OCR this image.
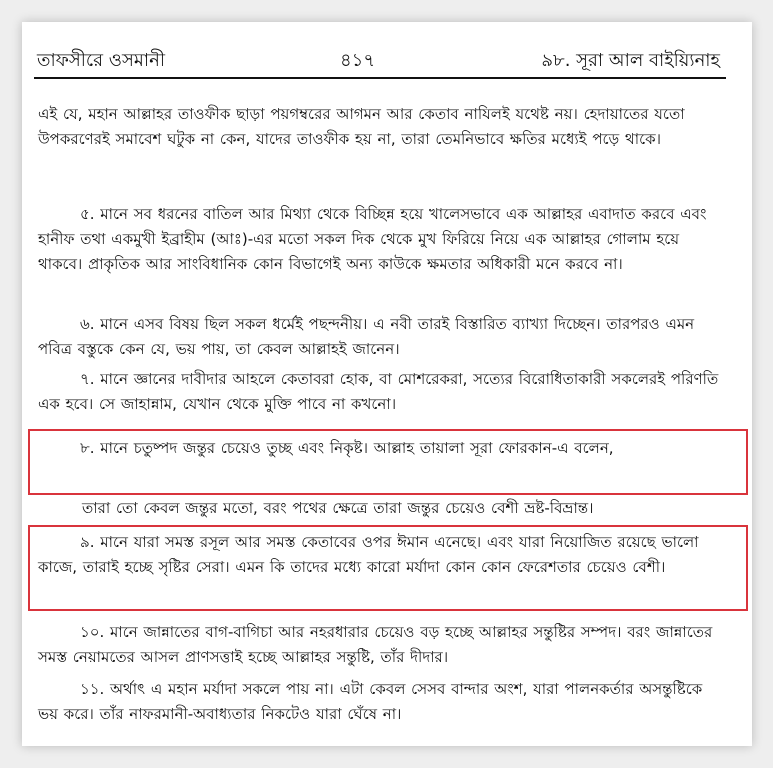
তাফসীরে ওসমানী	৪১৭	৯৮. সূরা আল বাইয়্যিনাহ
এই যে, মহান আল্লাহর তাওফীক ছাড়া পয়গম্বরের আগমন আর কেতাব নাযিলই যথেষ্ট নয়। হেদায়াতের যতো উপকরণেরই সমাবেশ ঘটুক না কেন, যাদের তাওফীক হয় না, তারা তেমনিভাবে ক্ষতির মধ্যেই পড়ে থাকে।
৫. মানে সব ধরনের বাতিল আর মিথ্যা থেকে বিচ্ছিন্ন হয়ে খালেসভাবে এক আল্লাহর এবাদাত করবে এবং হানীফ তথা একমুখী ইব্রাহীম (আঃ)-এর মতো সকল দিক থেকে মুখ ফিরিয়ে নিয়ে এক আল্লাহর গোলাম হয়ে থাকবে। প্রাকৃতিক আর সাংবিধানিক কোন বিভাগেই অন্য কাউকে ক্ষমতার অধিকারী মনে করবে না।
৬. মানে এসব বিষয় ছিল সকল ধর্মেই পছন্দনীয়। এ নবী তারই বিস্তারিত ব্যাখ্যা দিচ্ছেন। তারপরও এমন পবিত্র বস্তুকে কেন যে, ভয় পায়, তা কেবল আল্লাহই জানেন।
৭. মানে জ্ঞানের দাবীদার আহলে কেতাবরা হোক, বা মোশরেকরা, সত্যের বিরোধিতাকারী সকলেরই পরিণতি এক হবে। সে জাহান্নাম, যেখান থেকে মুক্তি পাবে না কখনো।
৮. মানে চতুষ্পদ জন্তুর চেয়েও তুচ্ছ এবং নিকৃষ্ট। আল্লাহ তায়ালা সূরা ফোরকান-এ বলেন,
তারা তো কেবল জন্তুর মতো, বরং পথের ক্ষেত্রে তারা জন্তুর চেয়েও বেশী ভ্রষ্ট-বিভ্রান্ত।
৯. মানে যারা সমস্ত রসূল আর সমস্ত কেতাবের ওপর ঈমান এনেছে। এবং যারা নিয়োজিত রয়েছে ভালো কাজে, তারাই হচ্ছে সৃষ্টির সেরা। এমন কি তাদের মধ্যে কারো মর্যাদা কোন কোন ফেরেশতার চেয়েও বেশী।
১০. মানে জান্নাতের বাগ-বাগিচা আর নহরধারার চেয়েও বড় হচ্ছে আল্লাহর সন্তুষ্টির সম্পদ। বরং জান্নাতের সমস্ত নেয়ামতের আসল প্রাণসত্তাই হচ্ছে আল্লাহর সন্তুষ্টি, তাঁর দীদার।
১১. অর্থাৎ এ মহান মর্যাদা সকলে পায় না। এটা কেবল সেসব বান্দার অংশ, যারা পালনকর্তার অসন্তুষ্টিকে ভয় করে। তাঁর নাফরমানী-অবাধ্যতার নিকটেও যারা ঘেঁষে না।
